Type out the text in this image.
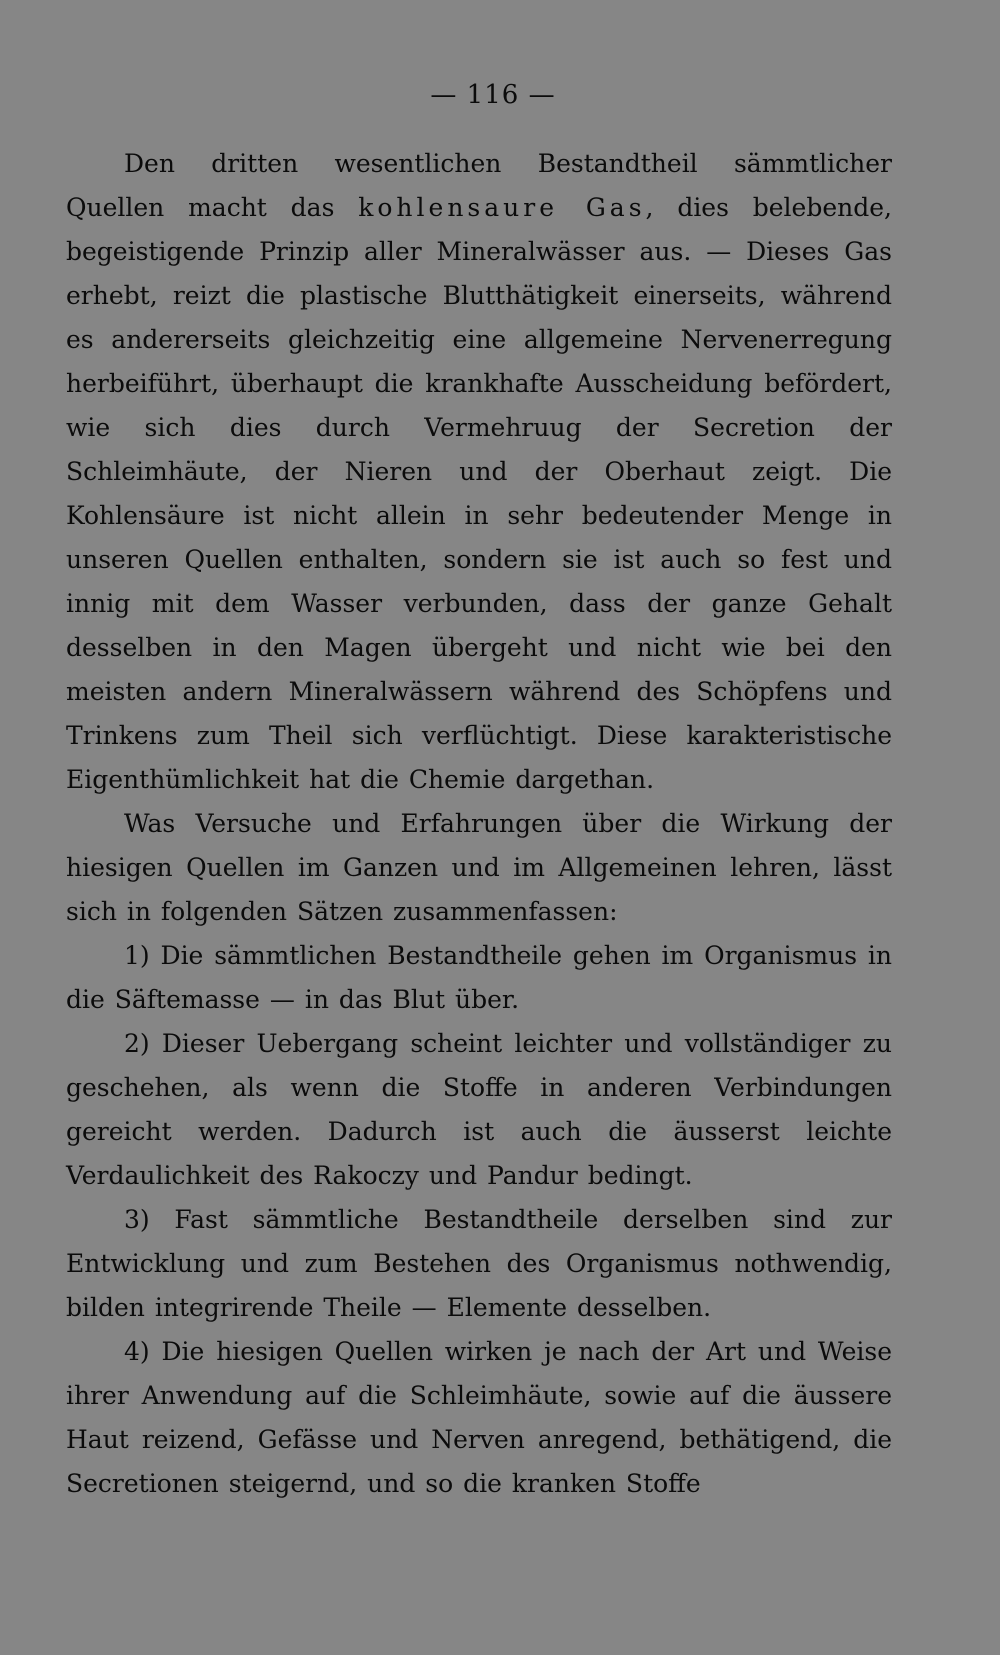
— 116 —

Den dritten wesentlichen Bestandtheil sämmtlicher Quellen macht das kohlensaure Gas, dies belebende, begeistigende Prinzip aller Mineralwässer aus. — Dieses Gas erhebt, reizt die plastische Blutthätigkeit einerseits, während es andererseits gleichzeitig eine allgemeine Nervenerregung herbeiführt, überhaupt die krankhafte Ausscheidung befördert, wie sich dies durch Vermehruug der Secretion der Schleimhäute, der Nieren und der Oberhaut zeigt. Die Kohlensäure ist nicht allein in sehr bedeutender Menge in unseren Quellen enthalten, sondern sie ist auch so fest und innig mit dem Wasser verbunden, dass der ganze Gehalt desselben in den Magen übergeht und nicht wie bei den meisten andern Mineralwässern während des Schöpfens und Trinkens zum Theil sich verflüchtigt. Diese karakteristische Eigenthümlichkeit hat die Chemie dargethan.

Was Versuche und Erfahrungen über die Wirkung der hiesigen Quellen im Ganzen und im Allgemeinen lehren, lässt sich in folgenden Sätzen zusammenfassen:

1) Die sämmtlichen Bestandtheile gehen im Organismus in die Säftemasse — in das Blut über.

2) Dieser Uebergang scheint leichter und vollständiger zu geschehen, als wenn die Stoffe in anderen Verbindungen gereicht werden. Dadurch ist auch die äusserst leichte Verdaulichkeit des Rakoczy und Pandur bedingt.

3) Fast sämmtliche Bestandtheile derselben sind zur Entwicklung und zum Bestehen des Organismus nothwendig, bilden integrirende Theile — Elemente desselben.

4) Die hiesigen Quellen wirken je nach der Art und Weise ihrer Anwendung auf die Schleimhäute, sowie auf die äussere Haut reizend, Gefässe und Nerven anregend, bethätigend, die Secretionen steigernd, und so die kranken Stoffe
